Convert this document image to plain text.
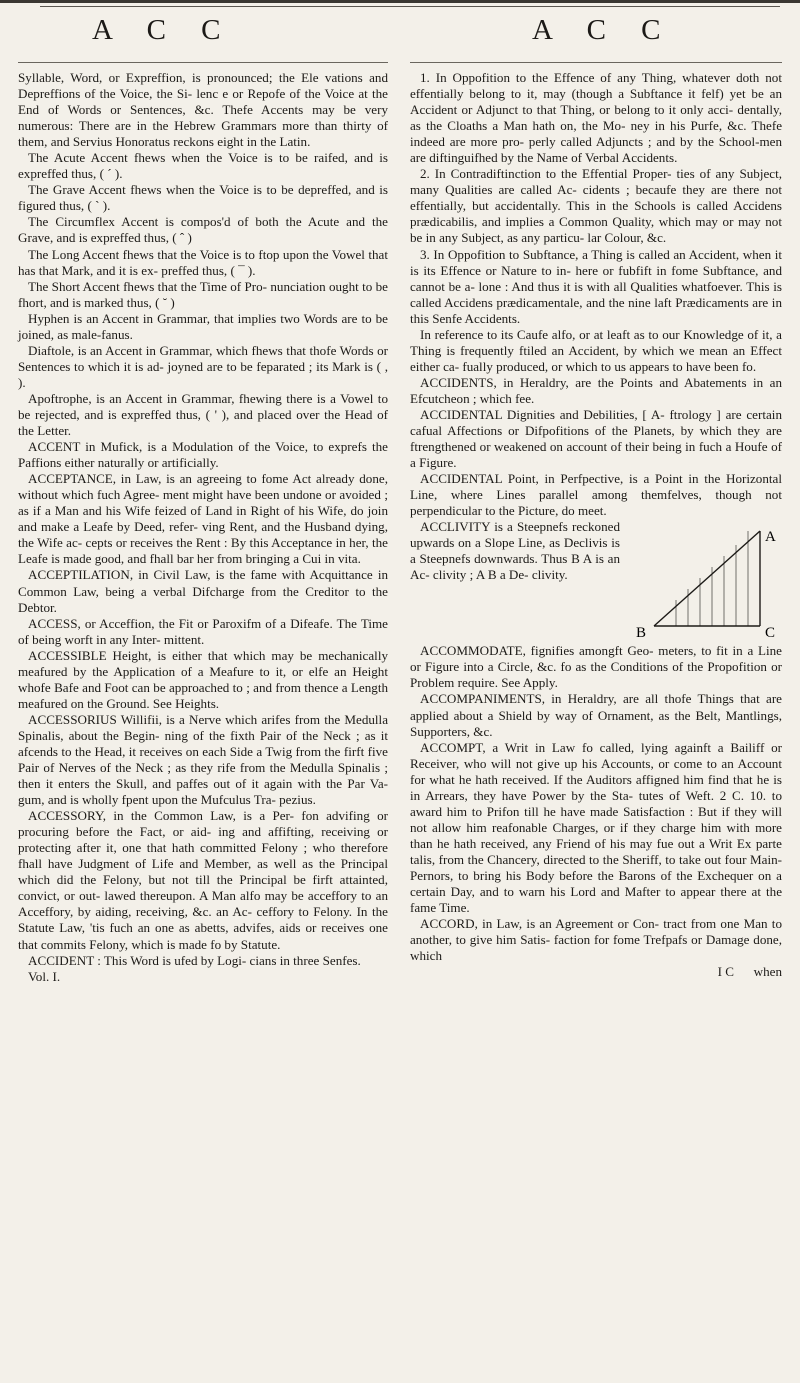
A C C	A C C

Syllable, Word, or Expreffion, is pronounced; the Ele vations and Depreffions of the Voice, the Si- lenc e or Repofe of the Voice at the End of Words or Sentences, &c. Thefe Accents may be very numerous: There are in the Hebrew Grammars more than thirty of them, and Servius Honoratus reckons eight in the Latin.

The Acute Accent fhews when the Voice is to be raifed, and is expreffed thus, ( ´ ).

The Grave Accent fhews when the Voice is to be depreffed, and is figured thus, ( ` ).

The Circumflex Accent is compos'd of both the Acute and the Grave, and is expreffed thus, ( ˆ )

The Long Accent fhews that the Voice is to ftop upon the Vowel that has that Mark, and it is ex- preffed thus, ( ¯ ).

The Short Accent fhews that the Time of Pro- nunciation ought to be fhort, and is marked thus, ( ˘ )

Hyphen is an Accent in Grammar, that implies two Words are to be joined, as male-fanus.

Diaftole, is an Accent in Grammar, which fhews that thofe Words or Sentences to which it is ad- joyned are to be feparated ; its Mark is ( , ).

Apoftrophe, is an Accent in Grammar, fhewing there is a Vowel to be rejected, and is expreffed thus, ( ' ), and placed over the Head of the Letter.

ACCENT in Mufick, is a Modulation of the Voice, to exprefs the Paffions either naturally or artificially.

ACCEPTANCE, in Law, is an agreeing to fome Act already done, without which fuch Agree- ment might have been undone or avoided ; as if a Man and his Wife feized of Land in Right of his Wife, do join and make a Leafe by Deed, refer- ving Rent, and the Husband dying, the Wife ac- cepts or receives the Rent : By this Acceptance in her, the Leafe is made good, and fhall bar her from bringing a Cui in vita.

ACCEPTILATION, in Civil Law, is the fame with Acquittance in Common Law, being a verbal Difcharge from the Creditor to the Debtor.

ACCESS, or Acceffion, the Fit or Paroxifm of a Difeafe. The Time of being worft in any Inter- mittent.

ACCESSIBLE Height, is either that which may be mechanically meafured by the Application of a Meafure to it, or elfe an Height whofe Bafe and Foot can be approached to ; and from thence a Length meafured on the Ground. See Heights.

ACCESSORIUS Willifii, is a Nerve which arifes from the Medulla Spinalis, about the Begin- ning of the fixth Pair of the Neck ; as it afcends to the Head, it receives on each Side a Twig from the firft five Pair of Nerves of the Neck ; as they rife from the Medulla Spinalis ; then it enters the Skull, and paffes out of it again with the Par Va- gum, and is wholly fpent upon the Mufculus Tra- pezius.

ACCESSORY, in the Common Law, is a Per- fon advifing or procuring before the Fact, or aid- ing and affifting, receiving or protecting after it, one that hath committed Felony ; who therefore fhall have Judgment of Life and Member, as well as the Principal which did the Felony, but not till the Principal be firft attainted, convict, or out- lawed thereupon. A Man alfo may be acceffory to an Acceffory, by aiding, receiving, &c. an Ac- ceffory to Felony. In the Statute Law, 'tis fuch an one as abetts, advifes, aids or receives one that commits Felony, which is made fo by Statute.

ACCIDENT : This Word is ufed by Logi- cians in three Senfes.

Vol. I.

1. In Oppofition to the Effence of any Thing, whatever doth not effentially belong to it, may (though a Subftance it felf) yet be an Accident or Adjunct to that Thing, or belong to it only acci- dentally, as the Cloaths a Man hath on, the Mo- ney in his Purfe, &c. Thefe indeed are more pro- perly called Adjuncts ; and by the School-men are diftinguifhed by the Name of Verbal Accidents.

2. In Contradiftinction to the Effential Proper- ties of any Subject, many Qualities are called Ac- cidents ; becaufe they are there not effentially, but accidentally. This in the Schools is called Accidens prædicabilis, and implies a Common Quality, which may or may not be in any Subject, as any particu- lar Colour, &c.

3. In Oppofition to Subftance, a Thing is called an Accident, when it is its Effence or Nature to in- here or fubfift in fome Subftance, and cannot be a- lone : And thus it is with all Qualities whatfoever. This is called Accidens prædicamentale, and the nine laft Prædicaments are in this Senfe Accidents.

In reference to its Caufe alfo, or at leaft as to our Knowledge of it, a Thing is frequently ftiled an Accident, by which we mean an Effect either ca- fually produced, or which to us appears to have been fo.

ACCIDENTS, in Heraldry, are the Points and Abatements in an Efcutcheon ; which fee.

ACCIDENTAL Dignities and Debilities, [ A- ftrology ] are certain cafual Affections or Difpofitions of the Planets, by which they are ftrengthened or weakened on account of their being in fuch a Houfe of a Figure.

ACCIDENTAL Point, in Perfpective, is a Point in the Horizontal Line, where Lines parallel among themfelves, though not perpendicular to the Picture, do meet.

A
B	C

ACCLIVITY is a Steepnefs reckoned upwards on a Slope Line, as Declivis is a Steepnefs downwards. Thus B A is an Ac- clivity ; A B a De- clivity.

ACCOMMODATE, fignifies amongft Geo- meters, to fit in a Line or Figure into a Circle, &c. fo as the Conditions of the Propofition or Problem require. See Apply.

ACCOMPANIMENTS, in Heraldry, are all thofe Things that are applied about a Shield by way of Ornament, as the Belt, Mantlings, Supporters, &c.

ACCOMPT, a Writ in Law fo called, lying againft a Bailiff or Receiver, who will not give up his Accounts, or come to an Account for what he hath received. If the Auditors affigned him find that he is in Arrears, they have Power by the Sta- tutes of Weft. 2 C. 10. to award him to Prifon till he have made Satisfaction : But if they will not allow him reafonable Charges, or if they charge him with more than he hath received, any Friend of his may fue out a Writ Ex parte talis, from the Chancery, directed to the Sheriff, to take out four Main-Pernors, to bring his Body before the Barons of the Exchequer on a certain Day, and to warn his Lord and Mafter to appear there at the fame Time.

ACCORD, in Law, is an Agreement or Con- tract from one Man to another, to give him Satis- faction for fome Trefpafs or Damage done, which

I C      when
